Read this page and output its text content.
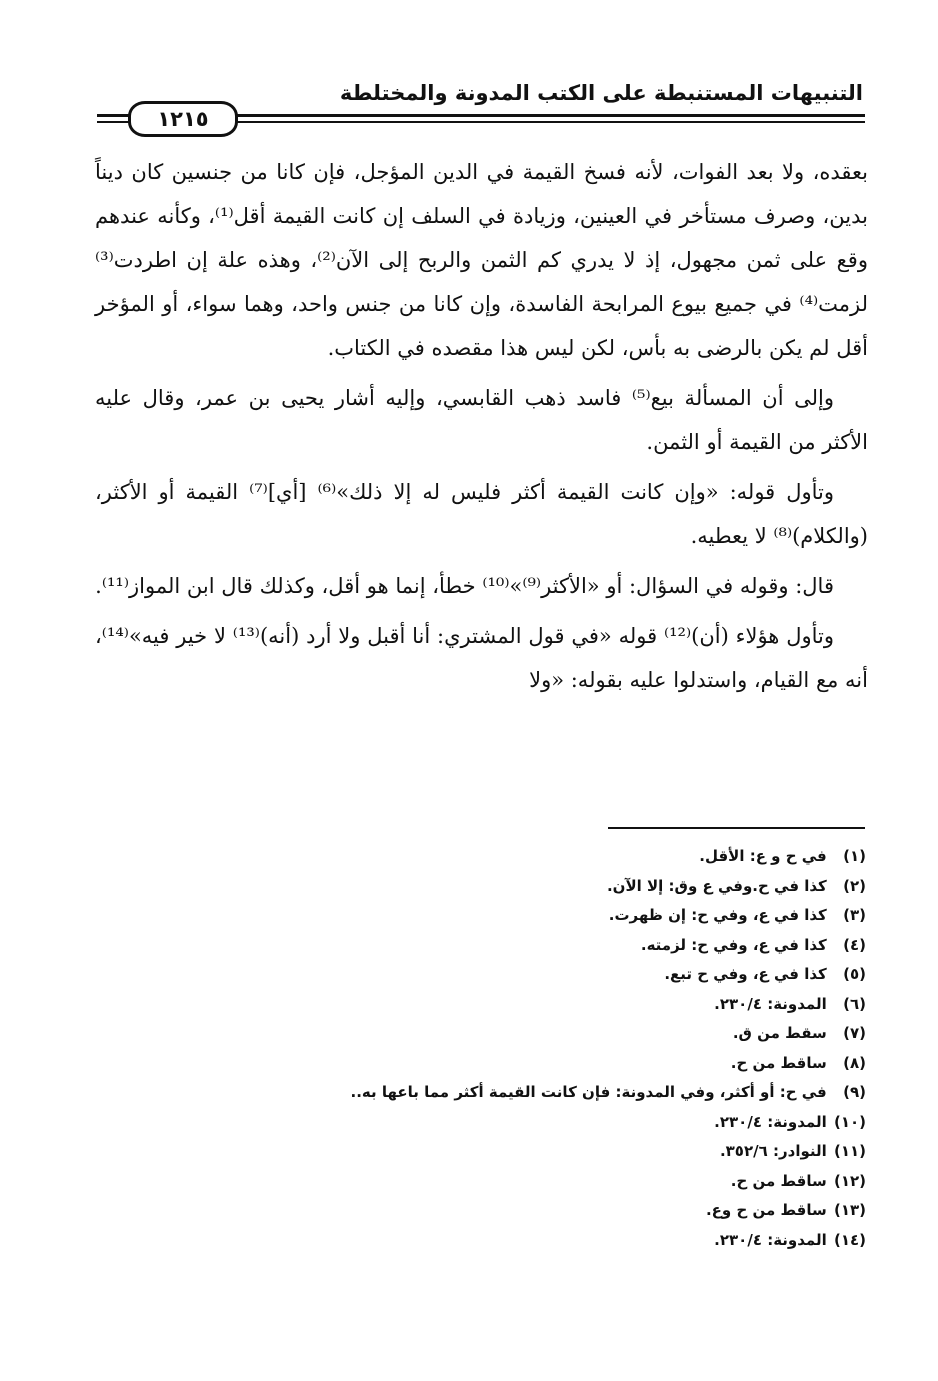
التنبيهات المستنبطة على الكتب المدونة والمختلطة
١٢١٥

بعقده، ولا بعد الفوات، لأنه فسخ القيمة في الدين المؤجل، فإن كانا من جنسين كان ديناً بدين، وصرف مستأخر في العينين، وزيادة في السلف إن كانت القيمة أقل⁽¹⁾، وكأنه عندهم وقع على ثمن مجهول، إذ لا يدري كم الثمن والربح إلى الآن⁽²⁾، وهذه علة إن اطردت⁽³⁾ لزمت⁽⁴⁾ في جميع بيوع المرابحة الفاسدة، وإن كانا من جنس واحد، وهما سواء، أو المؤخر أقل لم يكن بالرضى به بأس، لكن ليس هذا مقصده في الكتاب.

وإلى أن المسألة بيع⁽⁵⁾ فاسد ذهب القابسي، وإليه أشار يحيى بن عمر، وقال عليه الأكثر من القيمة أو الثمن.

وتأول قوله: «وإن كانت القيمة أكثر فليس له إلا ذلك»⁽⁶⁾ [أي]⁽⁷⁾ القيمة أو الأكثر، (والكلام)⁽⁸⁾ لا يعطيه.

قال: وقوله في السؤال: أو «الأكثر⁽⁹⁾»⁽¹⁰⁾ خطأ، إنما هو أقل، وكذلك قال ابن المواز⁽¹¹⁾.

وتأول هؤلاء (أن)⁽¹²⁾ قوله «في قول المشتري: أنا أقبل ولا أرد (أنه)⁽¹³⁾ لا خير فيه»⁽¹⁴⁾، أنه مع القيام، واستدلوا عليه بقوله: «ولا

(١) في ح و ع: الأقل.
(٢) كذا في ح.وفي ع وق: إلا الآن.
(٣) كذا في ع، وفي ح: إن ظهرت.
(٤) كذا في ع، وفي ح: لزمته.
(٥) كذا في ع، وفي ح تبع.
(٦) المدونة: ٢٣٠/٤.
(٧) سقط من ق.
(٨) ساقط من ح.
(٩) في ح: أو أكثر، وفي المدونة: فإن كانت القيمة أكثر مما باعها به..
(١٠) المدونة: ٢٣٠/٤.
(١١) النوادر: ٣٥٢/٦.
(١٢) ساقط من ح.
(١٣) ساقط من ح وع.
(١٤) المدونة: ٢٣٠/٤.
